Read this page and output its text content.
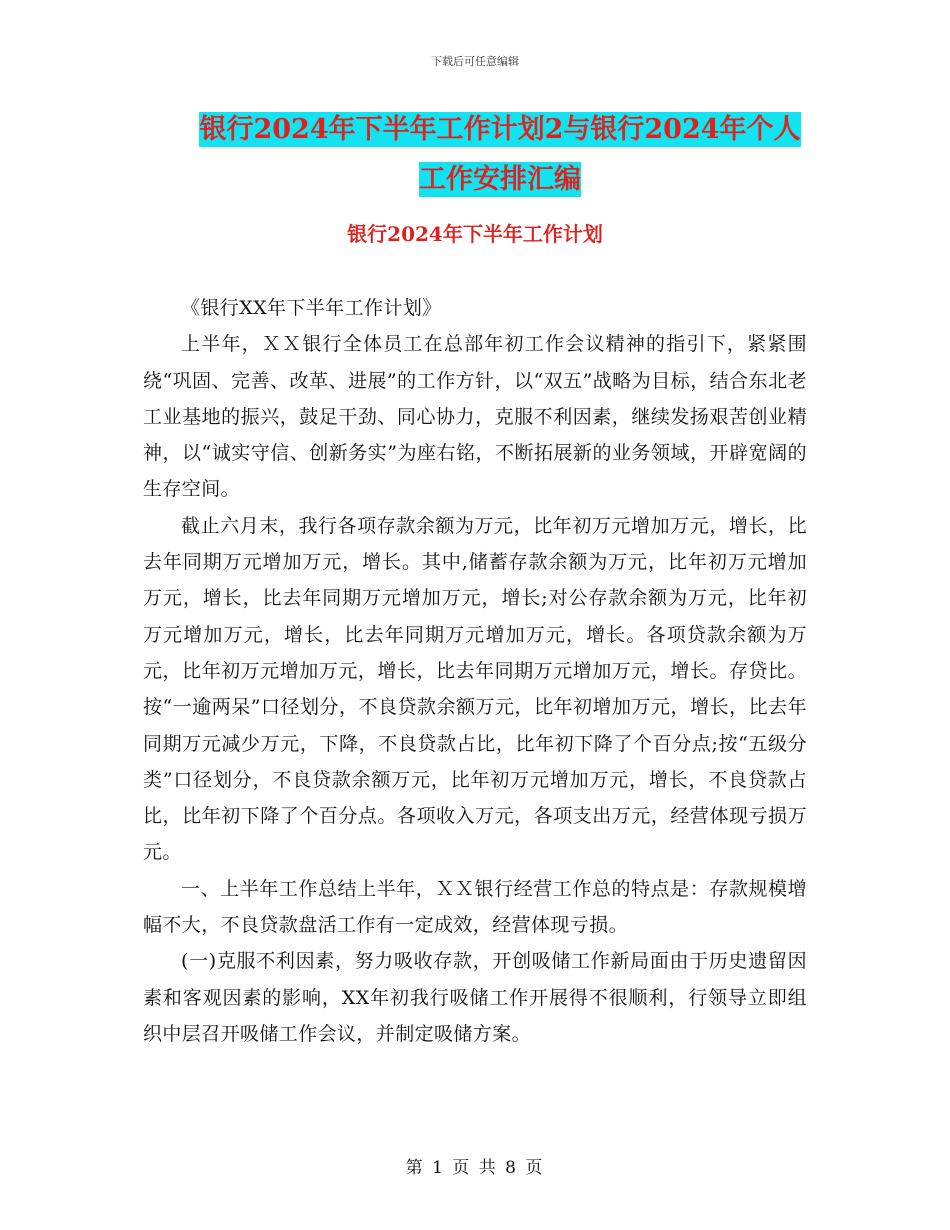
下载后可任意编辑
银行2024年下半年工作计划2与银行2024年个人工作安排汇编
银行2024年下半年工作计划

《银行XX年下半年工作计划》

上半年，ＸＸ银行全体员工在总部年初工作会议精神的指引下，紧紧围绕“巩固、完善、改革、进展”的工作方针，以“双五”战略为目标，结合东北老工业基地的振兴，鼓足干劲、同心协力，克服不利因素，继续发扬艰苦创业精神，以“诚实守信、创新务实”为座右铭，不断拓展新的业务领域，开辟宽阔的生存空间。

截止六月末，我行各项存款余额为万元，比年初万元增加万元，增长，比去年同期万元增加万元，增长。其中,储蓄存款余额为万元，比年初万元增加万元，增长，比去年同期万元增加万元，增长;对公存款余额为万元，比年初万元增加万元，增长，比去年同期万元增加万元，增长。各项贷款余额为万元，比年初万元增加万元，增长，比去年同期万元增加万元，增长。存贷比。按“一逾两呆”口径划分，不良贷款余额万元，比年初增加万元，增长，比去年同期万元减少万元，下降，不良贷款占比，比年初下降了个百分点;按“五级分类”口径划分，不良贷款余额万元，比年初万元增加万元，增长，不良贷款占比，比年初下降了个百分点。各项收入万元，各项支出万元，经营体现亏损万元。

一、上半年工作总结上半年，ＸＸ银行经营工作总的特点是：存款规模增幅不大，不良贷款盘活工作有一定成效，经营体现亏损。

(一)克服不利因素，努力吸收存款，开创吸储工作新局面由于历史遗留因素和客观因素的影响，XX年初我行吸储工作开展得不很顺利，行领导立即组织中层召开吸储工作会议，并制定吸储方案。

第 1 页 共 8 页
